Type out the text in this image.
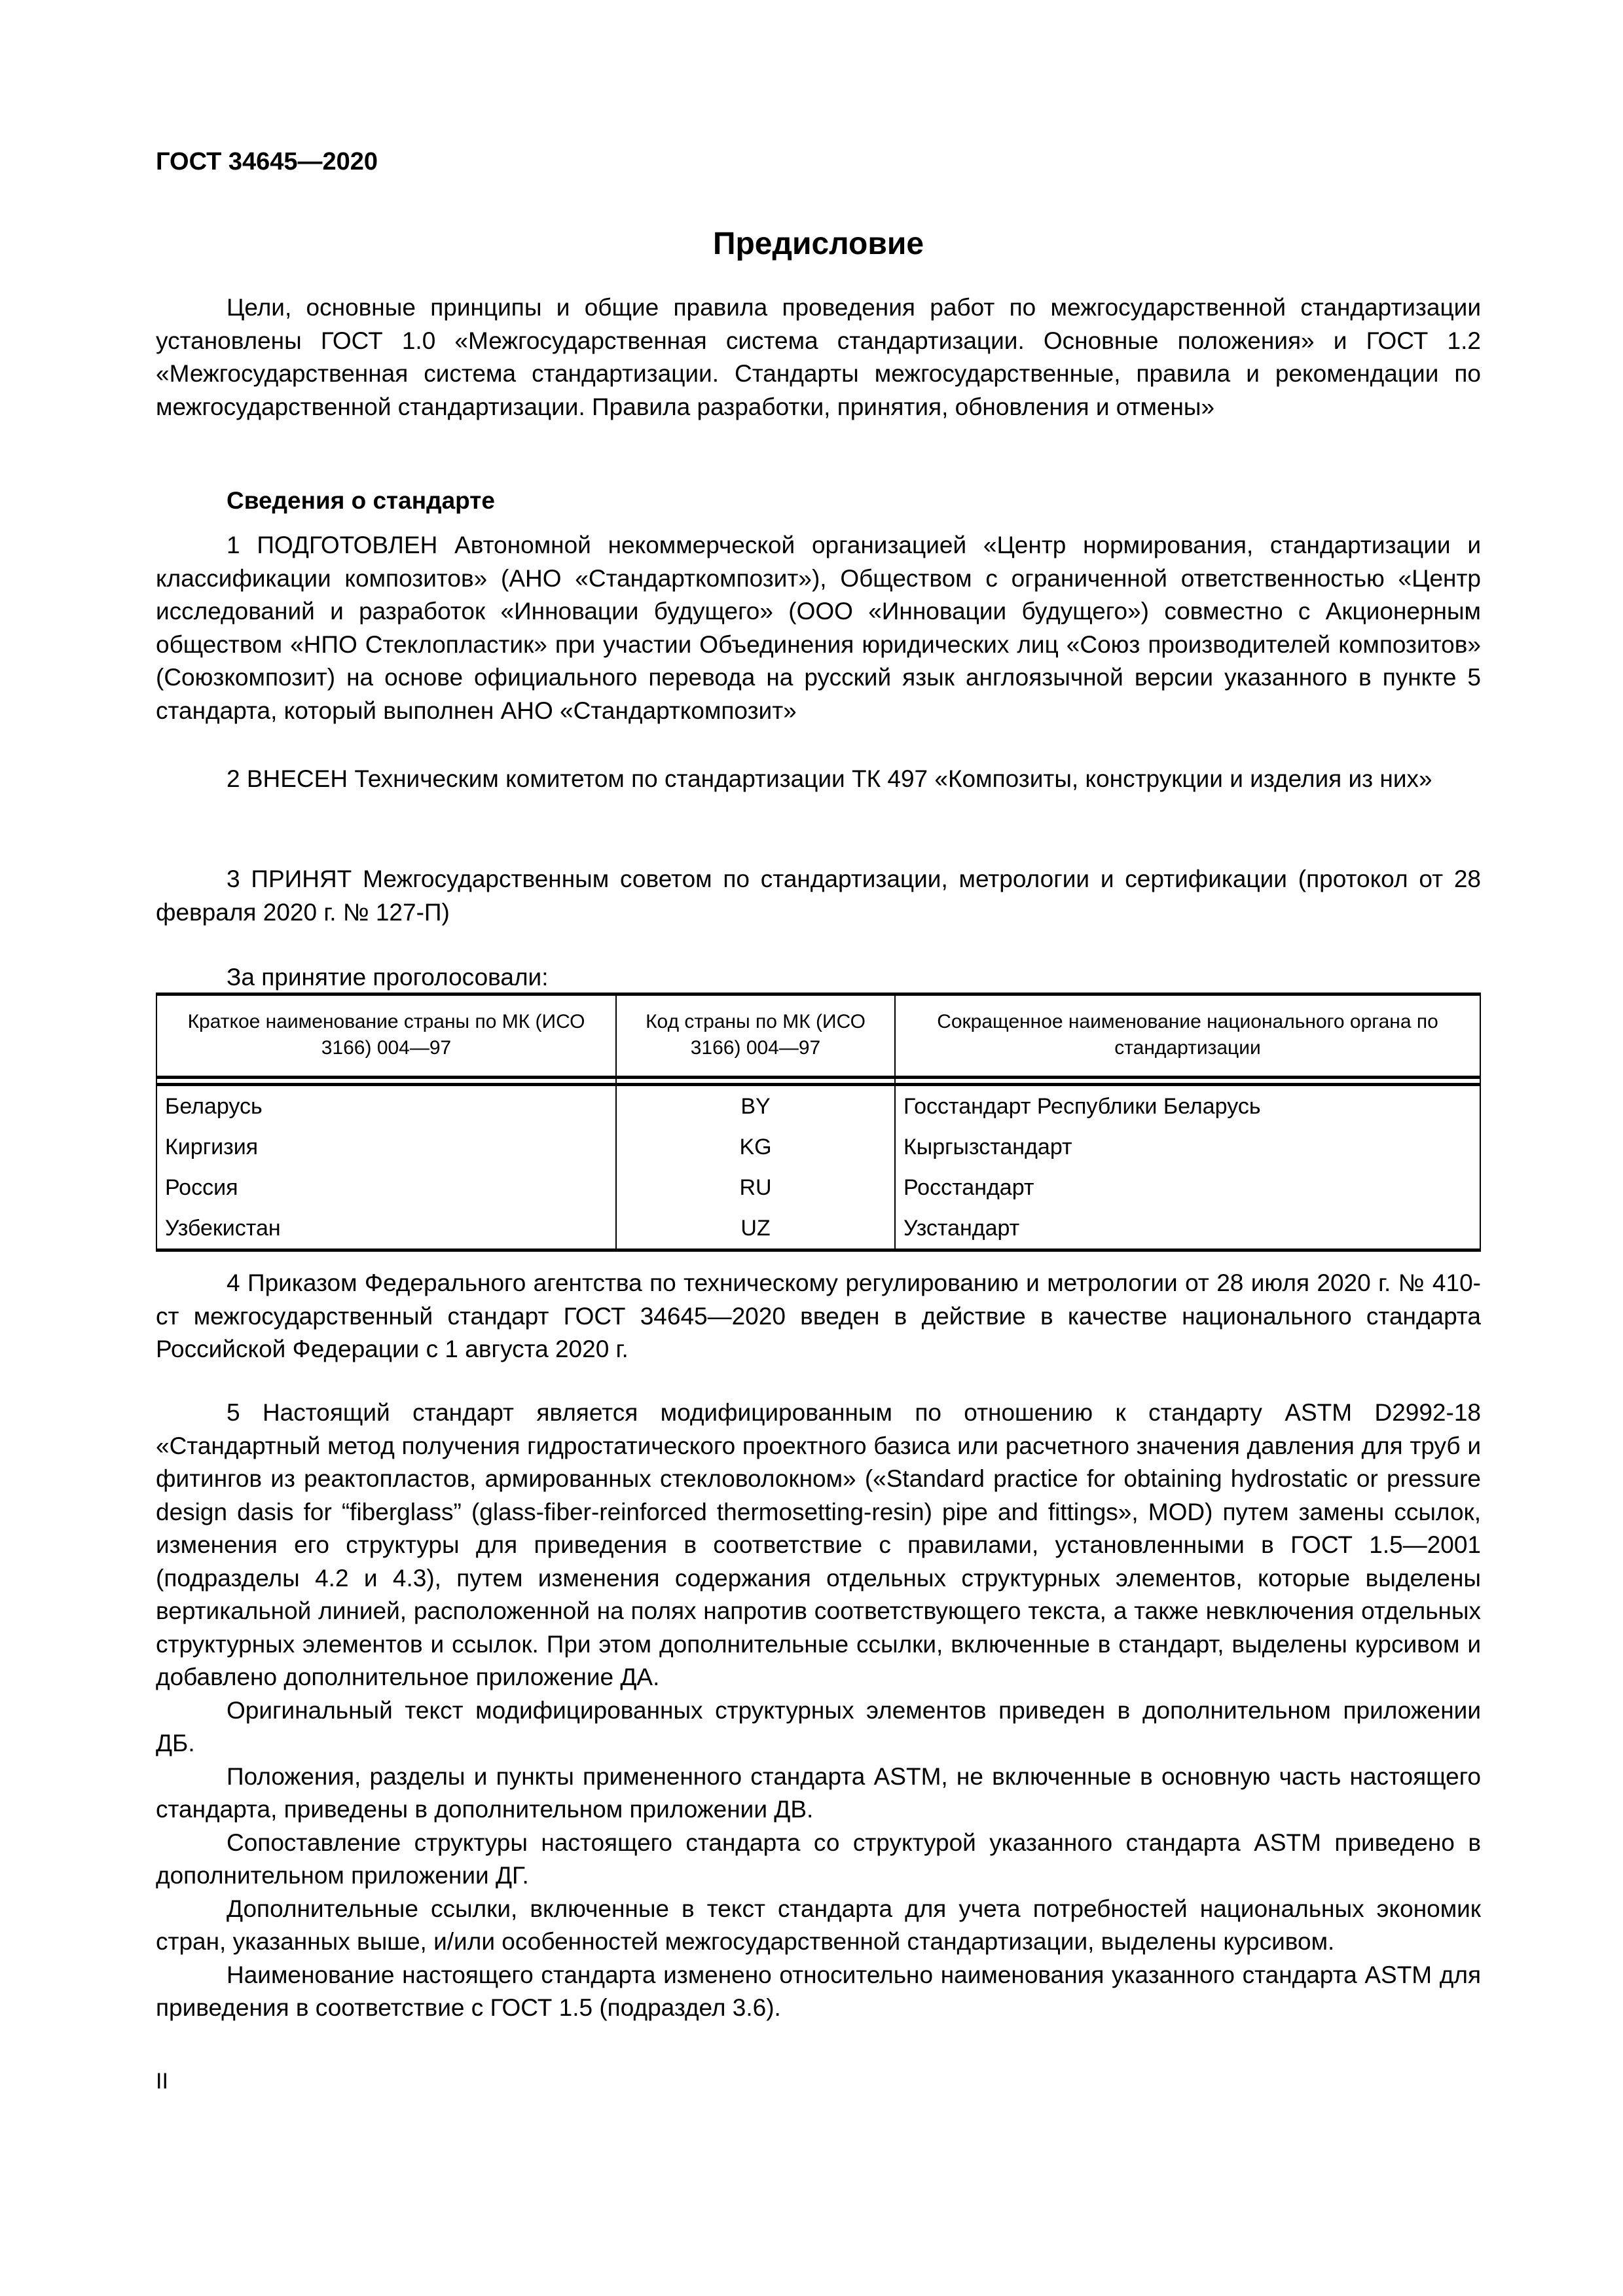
ГОСТ 34645—2020
Предисловие

Цели, основные принципы и общие правила проведения работ по межгосударственной стандартизации установлены ГОСТ 1.0 «Межгосударственная система стандартизации. Основные положения» и ГОСТ 1.2 «Межгосударственная система стандартизации. Стандарты межгосударственные, правила и рекомендации по межгосударственной стандартизации. Правила разработки, принятия, обновления и отмены»

Сведения о стандарте

1 ПОДГОТОВЛЕН Автономной некоммерческой организацией «Центр нормирования, стандартизации и классификации композитов» (АНО «Стандарткомпозит»), Обществом с ограниченной ответственностью «Центр исследований и разработок «Инновации будущего» (ООО «Инновации будущего») совместно с Акционерным обществом «НПО Стеклопластик» при участии Объединения юридических лиц «Союз производителей композитов» (Союзкомпозит) на основе официального перевода на русский язык англоязычной версии указанного в пункте 5 стандарта, который выполнен АНО «Стандарткомпозит»

2 ВНЕСЕН Техническим комитетом по стандартизации ТК 497 «Композиты, конструкции и изделия из них»

3 ПРИНЯТ Межгосударственным советом по стандартизации, метрологии и сертификации (протокол от 28 февраля 2020 г. № 127-П)

За принятие проголосовали:

Краткое наименование страны по МК (ИСО 3166) 004—97	Код страны по МК (ИСО 3166) 004—97	Сокращенное наименование национального органа по стандартизации

Беларусь	BY	Госстандарт Республики Беларусь
Киргизия	KG	Кыргызстандарт
Россия	RU	Росстандарт
Узбекистан	UZ	Узстандарт

4 Приказом Федерального агентства по техническому регулированию и метрологии от 28 июля 2020 г. № 410-ст межгосударственный стандарт ГОСТ 34645—2020 введен в действие в качестве национального стандарта Российской Федерации с 1 августа 2020 г.

5 Настоящий стандарт является модифицированным по отношению к стандарту ASTM D2992-18 «Стандартный метод получения гидростатического проектного базиса или расчетного значения давления для труб и фитингов из реактопластов, армированных стекловолокном» («Standard practice for obtaining hydrostatic or pressure design dasis for “fiberglass” (glass-fiber-reinforced thermosetting-resin) pipe and fittings», MOD) путем замены ссылок, изменения его структуры для приведения в соответствие с правилами, установленными в ГОСТ 1.5—2001 (подразделы 4.2 и 4.3), путем изменения содержания отдельных структурных элементов, которые выделены вертикальной линией, расположенной на полях напротив соответствующего текста, а также невключения отдельных структурных элементов и ссылок. При этом дополнительные ссылки, включенные в стандарт, выделены курсивом и добавлено дополнительное приложение ДА.

Оригинальный текст модифицированных структурных элементов приведен в дополнительном приложении ДБ.

Положения, разделы и пункты примененного стандарта ASTM, не включенные в основную часть настоящего стандарта, приведены в дополнительном приложении ДВ.

Сопоставление структуры настоящего стандарта со структурой указанного стандарта ASTM приведено в дополнительном приложении ДГ.

Дополнительные ссылки, включенные в текст стандарта для учета потребностей национальных экономик стран, указанных выше, и/или особенностей межгосударственной стандартизации, выделены курсивом.

Наименование настоящего стандарта изменено относительно наименования указанного стандарта ASTM для приведения в соответствие с ГОСТ 1.5 (подраздел 3.6).

II
